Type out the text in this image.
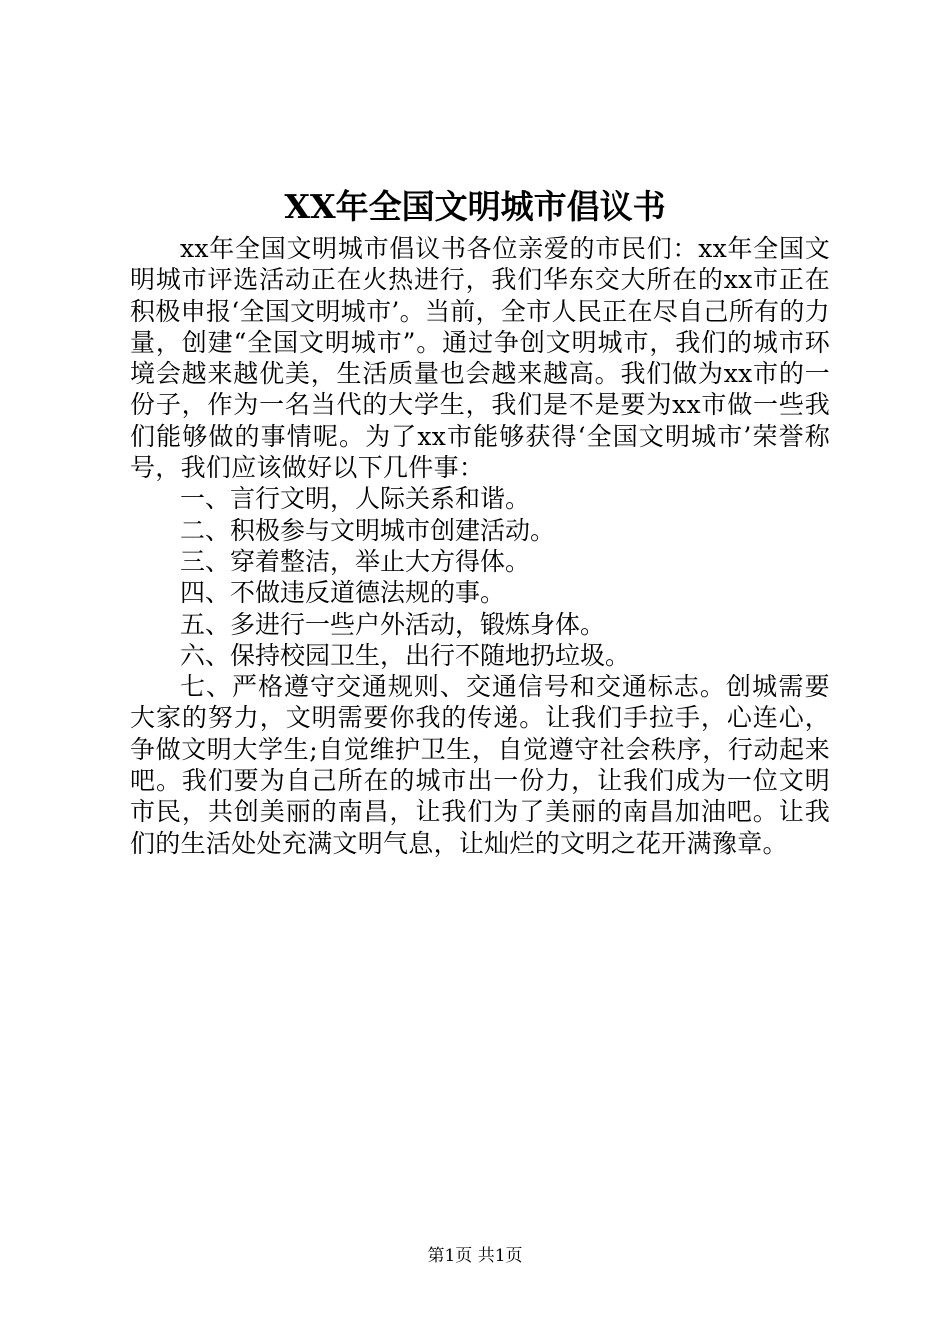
XX年全国文明城市倡议书

xx年全国文明城市倡议书各位亲爱的市民们：xx年全国文明城市评选活动正在火热进行，我们华东交大所在的xx市正在积极申报‘全国文明城市’。当前，全市人民正在尽自己所有的力量，创建“全国文明城市”。通过争创文明城市，我们的城市环境会越来越优美，生活质量也会越来越高。我们做为xx市的一份子，作为一名当代的大学生，我们是不是要为xx市做一些我们能够做的事情呢。为了xx市能够获得‘全国文明城市’荣誉称号，我们应该做好以下几件事：

一、言行文明，人际关系和谐。

二、积极参与文明城市创建活动。

三、穿着整洁，举止大方得体。

四、不做违反道德法规的事。

五、多进行一些户外活动，锻炼身体。

六、保持校园卫生，出行不随地扔垃圾。

七、严格遵守交通规则、交通信号和交通标志。创城需要大家的努力，文明需要你我的传递。让我们手拉手，心连心，争做文明大学生;自觉维护卫生，自觉遵守社会秩序，行动起来吧。我们要为自己所在的城市出一份力，让我们成为一位文明市民，共创美丽的南昌，让我们为了美丽的南昌加油吧。让我们的生活处处充满文明气息，让灿烂的文明之花开满豫章。

第1页 共1页
